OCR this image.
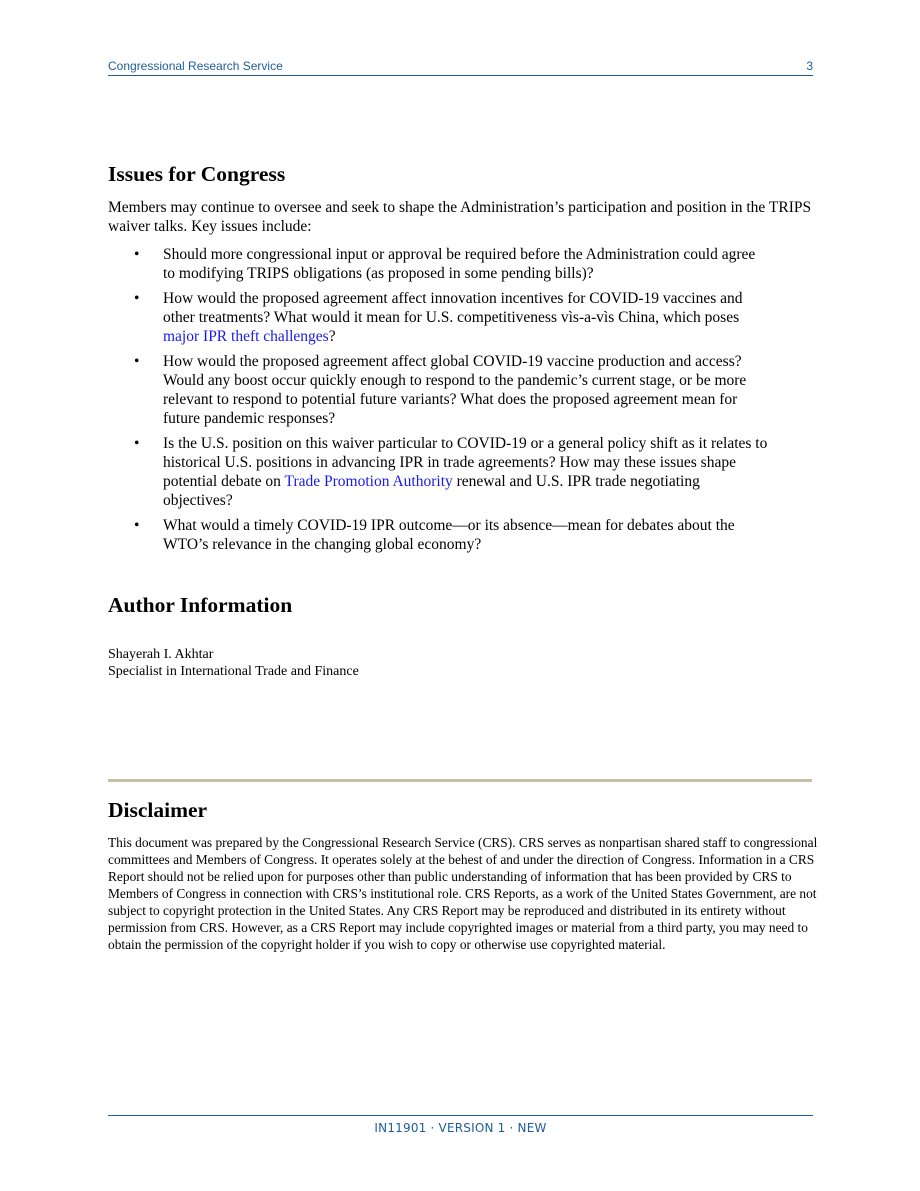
Congressional Research Service	3
Issues for Congress

Members may continue to oversee and seek to shape the Administration’s participation and position in the TRIPS waiver talks. Key issues include:

• Should more congressional input or approval be required before the Administration could agree to modifying TRIPS obligations (as proposed in some pending bills)?
• How would the proposed agreement affect innovation incentives for COVID-19 vaccines and other treatments? What would it mean for U.S. competitiveness vìs-a-vìs China, which poses major IPR theft challenges?
• How would the proposed agreement affect global COVID-19 vaccine production and access? Would any boost occur quickly enough to respond to the pandemic’s current stage, or be more relevant to respond to potential future variants? What does the proposed agreement mean for future pandemic responses?
• Is the U.S. position on this waiver particular to COVID-19 or a general policy shift as it relates to historical U.S. positions in advancing IPR in trade agreements? How may these issues shape potential debate on Trade Promotion Authority renewal and U.S. IPR trade negotiating objectives?
• What would a timely COVID-19 IPR outcome—or its absence—mean for debates about the WTO’s relevance in the changing global economy?
Author Information
Shayerah I. Akhtar
Specialist in International Trade and Finance
Disclaimer

This document was prepared by the Congressional Research Service (CRS). CRS serves as nonpartisan shared staff to congressional committees and Members of Congress. It operates solely at the behest of and under the direction of Congress. Information in a CRS Report should not be relied upon for purposes other than public understanding of information that has been provided by CRS to Members of Congress in connection with CRS’s institutional role. CRS Reports, as a work of the United States Government, are not subject to copyright protection in the United States. Any CRS Report may be reproduced and distributed in its entirety without permission from CRS. However, as a CRS Report may include copyrighted images or material from a third party, you may need to obtain the permission of the copyright holder if you wish to copy or otherwise use copyrighted material.

IN11901 · VERSION 1 · NEW
